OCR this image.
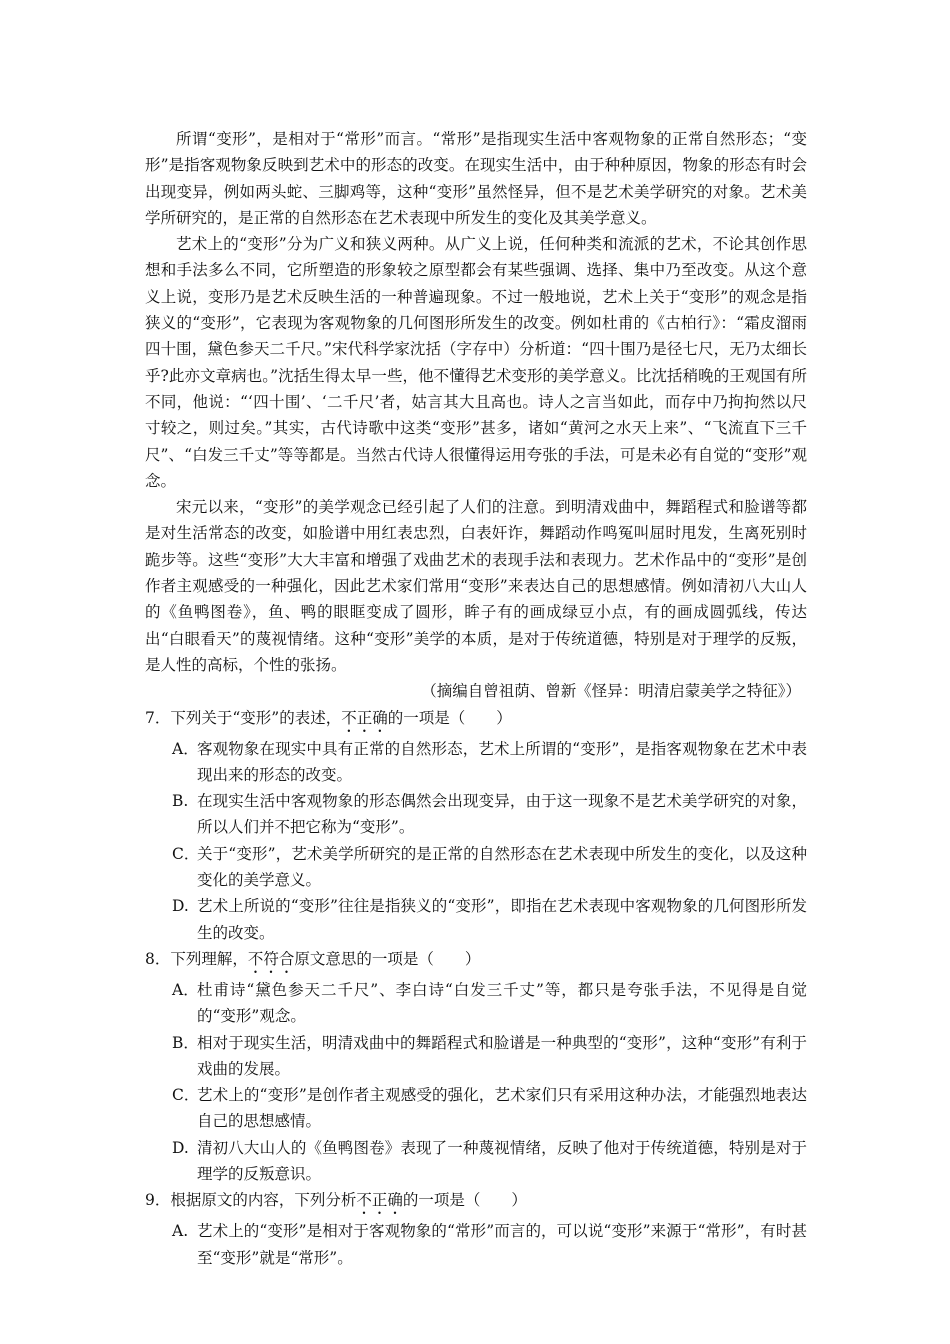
所谓“变形”，是相对于“常形”而言。“常形”是指现实生活中客观物象的正常自然形态；“变形”是指客观物象反映到艺术中的形态的改变。在现实生活中，由于种种原因，物象的形态有时会出现变异，例如两头蛇、三脚鸡等，这种“变形”虽然怪异，但不是艺术美学研究的对象。艺术美学所研究的，是正常的自然形态在艺术表现中所发生的变化及其美学意义。

艺术上的“变形”分为广义和狭义两种。从广义上说，任何种类和流派的艺术，不论其创作思想和手法多么不同，它所塑造的形象较之原型都会有某些强调、选择、集中乃至改变。从这个意义上说，变形乃是艺术反映生活的一种普遍现象。不过一般地说，艺术上关于“变形”的观念是指狭义的“变形”，它表现为客观物象的几何图形所发生的改变。例如杜甫的《古柏行》：“霜皮溜雨四十围，黛色参天二千尺。”宋代科学家沈括（字存中）分析道：“四十围乃是径七尺，无乃太细长乎?此亦文章病也。”沈括生得太早一些，他不懂得艺术变形的美学意义。比沈括稍晚的王观国有所不同，他说：“‘四十围’、‘二千尺’者，姑言其大且高也。诗人之言当如此，而存中乃拘拘然以尺寸较之，则过矣。”其实，古代诗歌中这类“变形”甚多，诸如“黄河之水天上来”、“飞流直下三千尺”、“白发三千丈”等等都是。当然古代诗人很懂得运用夸张的手法，可是未必有自觉的“变形”观念。

宋元以来，“变形”的美学观念已经引起了人们的注意。到明清戏曲中，舞蹈程式和脸谱等都是对生活常态的改变，如脸谱中用红表忠烈，白表奸诈，舞蹈动作鸣冤叫屈时甩发，生离死别时跪步等。这些“变形”大大丰富和增强了戏曲艺术的表现手法和表现力。艺术作品中的“变形”是创作者主观感受的一种强化，因此艺术家们常用“变形”来表达自己的思想感情。例如清初八大山人的《鱼鸭图卷》，鱼、鸭的眼眶变成了圆形，眸子有的画成绿豆小点，有的画成圆弧线，传达出“白眼看天”的蔑视情绪。这种“变形”美学的本质，是对于传统道德，特别是对于理学的反叛，是人性的高标，个性的张扬。

（摘编自曾祖荫、曾新《怪异：明清启蒙美学之特征》）

7． 下列关于“变形”的表述，不正确的一项是（　　）

A．
客观物象在现实中具有正常的自然形态，艺术上所谓的“变形”，是指客观物象在艺术中表现出来的形态的改变。

B. 在现实生活中客观物象的形态偶然会出现变异，由于这一现象不是艺术美学研究的对象，所以人们并不把它称为“变形”。

C．
关于“变形”，艺术美学所研究的是正常的自然形态在艺术表现中所发生的变化，以及这种变化的美学意义。

D. 艺术上所说的“变形”往往是指狭义的“变形”，即指在艺术表现中客观物象的几何图形所发生的改变。

8． 下列理解，不符合原文意思的一项是（　　）

A．
杜甫诗“黛色参天二千尺”、李白诗“白发三千丈”等，都只是夸张手法，不见得是自觉的“变形”观念。

B．
相对于现实生活，明清戏曲中的舞蹈程式和脸谱是一种典型的“变形”，这种“变形”有利于戏曲的发展。

C．
艺术上的“变形”是创作者主观感受的强化，艺术家们只有采用这种办法，才能强烈地表达自己的思想感情。

D. 清初八大山人的《鱼鸭图卷》表现了一种蔑视情绪，反映了他对于传统道德，特别是对于理学的反叛意识。

9． 根据原文的内容，下列分析不正确的一项是（　　）

A. 艺术上的“变形”是相对于客观物象的“常形”而言的，可以说“变形”来源于“常形”，有时甚至“变形”就是“常形”。
